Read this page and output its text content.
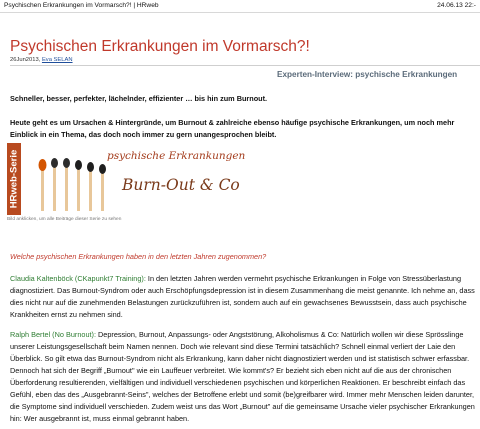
Psychischen Erkrankungen im Vormarsch?! | HRweb	24.06.13 22:-
Psychischen Erkrankungen im Vormarsch?!
26Jun2013, Eva SELAN
Experten-Interview: psychische Erkrankungen
Schneller, besser, perfekter, lächelnder, effizienter … bis hin zum Burnout.
Heute geht es um Ursachen & Hintergründe, um Burnout & zahlreiche ebenso häufige psychische Erkrankungen, um noch mehr Einblick in ein Thema, das doch noch immer zu gern unangesprochen bleibt.
HRweb-Serie	psychische Erkrankungen
Burn-Out & Co
Bild anklicken, um alle Beiträge dieser Serie zu sehen
Welche psychischen Erkrankungen haben in den letzten Jahren zugenommen?
Claudia Kaltenböck (CKapunkt7 Training): In den letzten Jahren werden vermehrt psychische Erkrankungen in Folge von Stressüberlastung diagnostiziert. Das Burnout-Syndrom oder auch Erschöpfungsdepression ist in diesem Zusammenhang die meist genannte. Ich nehme an, dass dies nicht nur auf die zunehmenden Belastungen zurückzuführen ist, sondern auch auf ein gewachsenes Bewusstsein, dass auch psychische Krankheiten ernst zu nehmen sind.
Ralph Bertel (No Burnout): Depression, Burnout, Anpassungs- oder Angststörung, Alkoholismus & Co: Natürlich wollen wir diese Sprösslinge unserer Leistungsgesellschaft beim Namen nennen. Doch wie relevant sind diese Termini tatsächlich? Schnell einmal verliert der Laie den Überblick. So gilt etwa das Burnout-Syndrom nicht als Erkrankung, kann daher nicht diagnostiziert werden und ist statistisch schwer erfassbar. Dennoch hat sich der Begriff „Burnout" wie ein Lauffeuer verbreitet. Wie kommt's? Er bezieht sich eben nicht auf die aus der chronischen Überforderung resultierenden, vielfältigen und individuell verschiedenen psychischen und körperlichen Reaktionen. Er beschreibt einfach das Gefühl, eben das des „Ausgebrannt-Seins", welches der Betroffene erlebt und somit (be)greifbarer wird. Immer mehr Menschen leiden darunter, die Symptome sind individuell verschieden. Zudem weist uns das Wort „Burnout" auf die gemeinsame Ursache vieler psychischer Erkrankungen hin: Wer ausgebrannt ist, muss einmal gebrannt haben.
